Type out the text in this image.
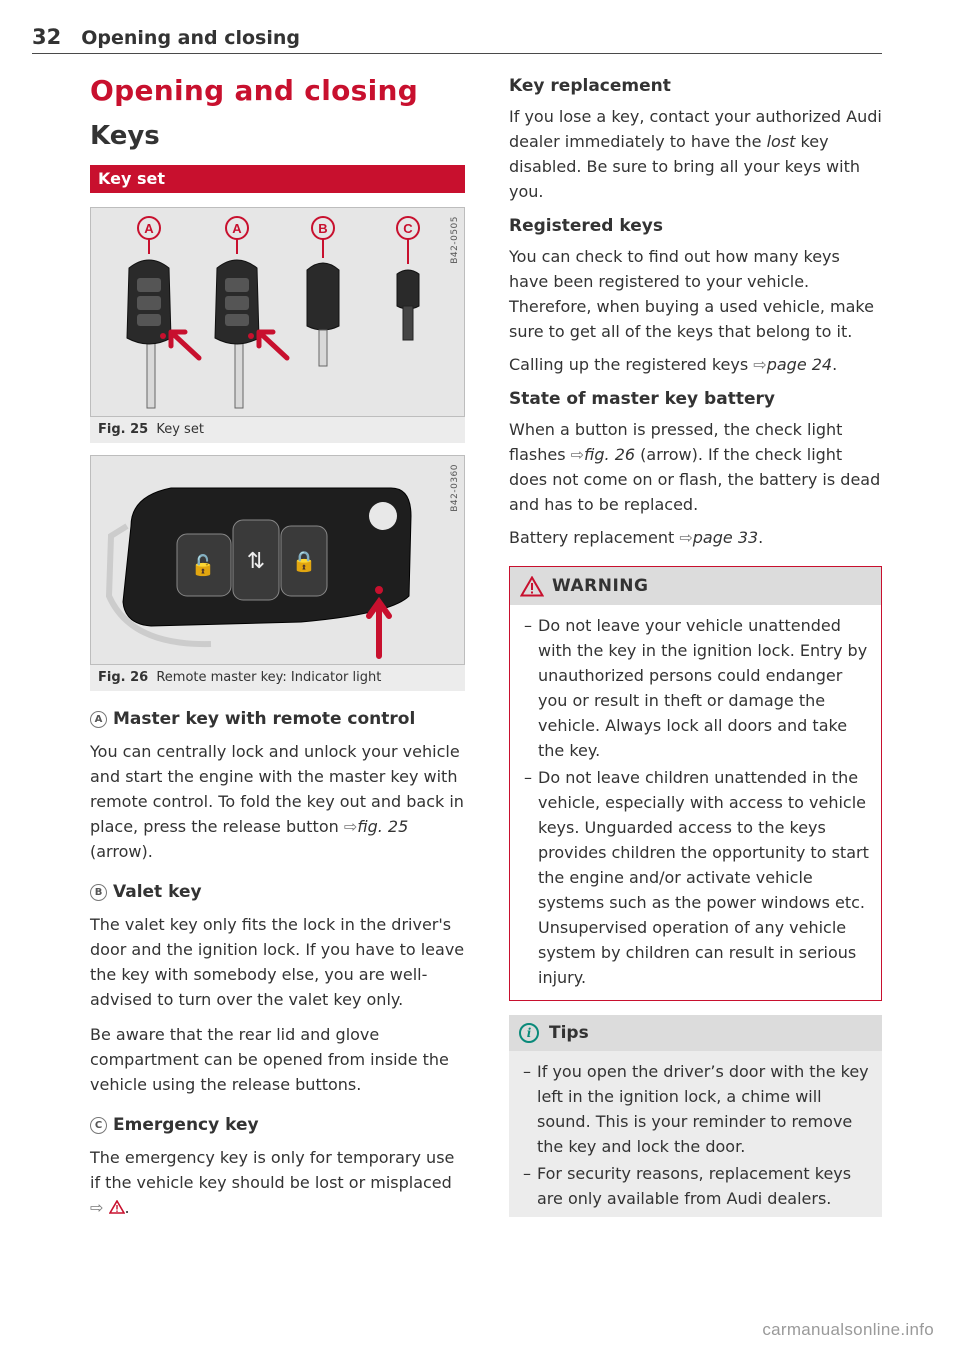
32 Opening and closing
Opening and closing
Keys
Key set
B42-0505
A	A	B	C
Fig. 25 Key set
B42-0360
🔓 ⇅ 🔒
Fig. 26 Remote master key: Indicator light
A Master key with remote control

You can centrally lock and unlock your vehicle and start the engine with the master key with remote control. To fold the key out and back in place, press the release button ⇨fig. 25 (arrow).

B Valet key

The valet key only fits the lock in the driver's door and the ignition lock. If you have to leave the key with somebody else, you are well-advised to turn over the valet key only.

Be aware that the rear lid and glove compartment can be opened from inside the vehicle using the release buttons.

C Emergency key

The emergency key is only for temporary use if the vehicle key should be lost or misplaced
⇨ .

Key replacement

If you lose a key, contact your authorized Audi dealer immediately to have the lost key disabled. Be sure to bring all your keys with you.

Registered keys

You can check to find out how many keys have been registered to your vehicle. Therefore, when buying a used vehicle, make sure to get all of the keys that belong to it.

Calling up the registered keys ⇨page 24.

State of master key battery

When a button is pressed, the check light flashes ⇨fig. 26 (arrow). If the check light does not come on or flash, the battery is dead and has to be replaced.

Battery replacement ⇨page 33.

WARNING
– Do not leave your vehicle unattended with the key in the ignition lock. Entry by unauthorized persons could endanger you or result in theft or damage the vehicle. Always lock all doors and take the key.
– Do not leave children unattended in the vehicle, especially with access to vehicle keys. Unguarded access to the keys provides children the opportunity to start the engine and/or activate vehicle systems such as the power windows etc. Unsupervised operation of any vehicle system by children can result in serious injury.
i	Tips
– If you open the driver’s door with the key left in the ignition lock, a chime will sound. This is your reminder to remove the key and lock the door.
– For security reasons, replacement keys are only available from Audi dealers.
carmanualsonline.info
